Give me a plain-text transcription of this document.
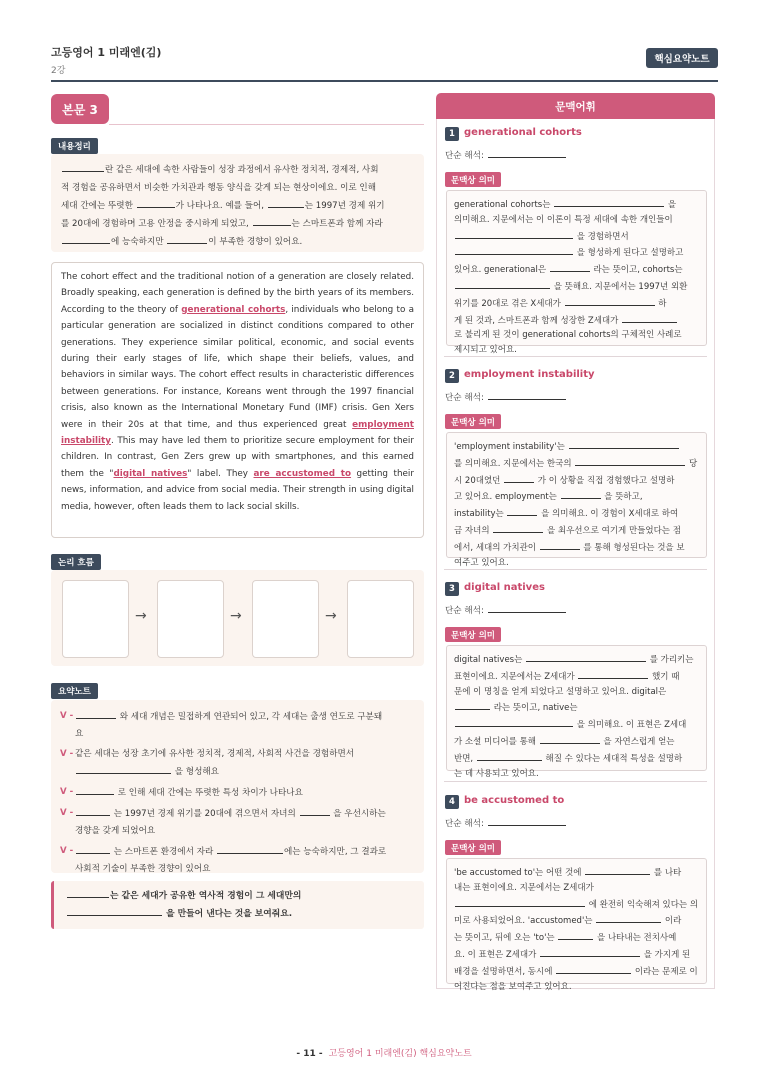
고등영어 1 미래엔(김)
2강
핵심요약노트
본문 3
내용정리
란 같은 세대에 속한 사람들이 성장 과정에서 유사한 정치적, 경제적, 사회
적 경험을 공유하면서 비슷한 가치관과 행동 양식을 갖게 되는 현상이에요. 이로 인해
세대 간에는 뚜렷한	가 나타나요. 예를 들어,	는 1997년 경제 위기
를 20대에 경험하며 고용 안정을 중시하게 되었고,	는 스마트폰과 함께 자라
에 능숙하지만	이 부족한 경향이 있어요.
The cohort effect and the traditional notion of a generation are closely related. Broadly speaking, each generation is defined by the birth years of its members. According to the theory of generational cohorts, individuals who belong to a particular generation are socialized in distinct conditions compared to other generations. They experience similar political, economic, and social events during their early stages of life, which shape their beliefs, values, and behaviors in similar ways. The cohort effect results in characteristic differences between generations. For instance, Koreans went through the 1997 financial crisis, also known as the International Monetary Fund (IMF) crisis. Gen Xers were in their 20s at that time, and thus experienced great employment instability. This may have led them to prioritize secure employment for their children. In contrast, Gen Zers grew up with smartphones, and this earned them the "digital natives" label. They are accustomed to getting their news, information, and advice from social media. Their strength in using digital media, however, often leads them to lack social skills.
논리 흐름
→	→	→
요약노트
V -	와 세대 개념은 밀접하게 연관되어 있고, 각 세대는 출생 연도로 구분돼
요
V - 같은 세대는 성장 초기에 유사한 정치적, 경제적, 사회적 사건을 경험하면서
을 형성해요
V -	로 인해 세대 간에는 뚜렷한 특성 차이가 나타나요
V -	는 1997년 경제 위기를 20대에 겪으면서 자녀의	을 우선시하는
경향을 갖게 되었어요
V -	는 스마트폰 환경에서 자라	에는 능숙하지만, 그 결과로
사회적 기술이 부족한 경향이 있어요
는 같은 세대가 공유한 역사적 경험이 그 세대만의
을 만들어 낸다는 것을 보여줘요.
문맥어휘
1 generational cohorts
단순 해석:
문맥상 의미
generational cohorts는	을
의미해요. 지문에서는 이 이론이 특정 세대에 속한 개인들이
을 경험하면서
을 형성하게 된다고 설명하고
있어요. generational은	라는 뜻이고, cohorts는
을 뜻해요. 지문에서는 1997년 외환
위기를 20대로 겪은 X세대가	하
게 된 것과, 스마트폰과 함께 성장한 Z세대가
로 불리게 된 것이 generational cohorts의 구체적인 사례로
제시되고 있어요.
2 employment instability
단순 해석:
문맥상 의미
'employment instability'는
를 의미해요. 지문에서는 한국의	당
시 20대였던	가 이 상황을 직접 경험했다고 설명하
고 있어요. employment는	을 뜻하고,
instability는	을 의미해요. 이 경험이 X세대로 하여
금 자녀의	을 최우선으로 여기게 만들었다는 점
에서, 세대의 가치관이	를 통해 형성된다는 것을 보
여주고 있어요.
3 digital natives
단순 해석:
문맥상 의미
digital natives는	를 가리키는
표현이에요. 지문에서는 Z세대가	했기 때
문에 이 명칭을 얻게 되었다고 설명하고 있어요. digital은
라는 뜻이고, native는
을 의미해요. 이 표현은 Z세대
가 소셜 미디어를 통해	을 자연스럽게 얻는
반면,	해질 수 있다는 세대적 특성을 설명하
는 데 사용되고 있어요.
4 be accustomed to
단순 해석:
문맥상 의미
'be accustomed to'는 어떤 것에	를 나타
내는 표현이에요. 지문에서는 Z세대가
에 완전히 익숙해져 있다는 의
미로 사용되었어요. 'accustomed'는	이라
는 뜻이고, 뒤에 오는 'to'는	을 나타내는 전치사예
요. 이 표현은 Z세대가	을 가지게 된
배경을 설명하면서, 동시에	이라는 문제로 이
어진다는 점을 보여주고 있어요.
- 11 - 고등영어 1 미래엔(김) 핵심요약노트
